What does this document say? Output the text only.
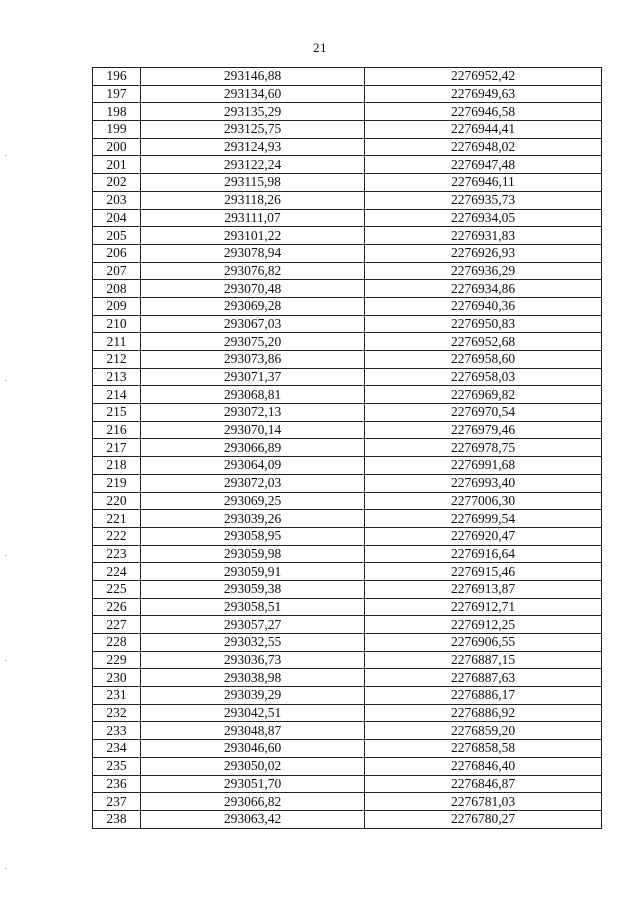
21
196	293146,88	2276952,42
197	293134,60	2276949,63
198	293135,29	2276946,58
199	293125,75	2276944,41
200	293124,93	2276948,02
201	293122,24	2276947,48
202	293115,98	2276946,11
203	293118,26	2276935,73
204	293111,07	2276934,05
205	293101,22	2276931,83
206	293078,94	2276926,93
207	293076,82	2276936,29
208	293070,48	2276934,86
209	293069,28	2276940,36
210	293067,03	2276950,83
211	293075,20	2276952,68
212	293073,86	2276958,60
213	293071,37	2276958,03
214	293068,81	2276969,82
215	293072,13	2276970,54
216	293070,14	2276979,46
217	293066,89	2276978,75
218	293064,09	2276991,68
219	293072,03	2276993,40
220	293069,25	2277006,30
221	293039,26	2276999,54
222	293058,95	2276920,47
223	293059,98	2276916,64
224	293059,91	2276915,46
225	293059,38	2276913,87
226	293058,51	2276912,71
227	293057,27	2276912,25
228	293032,55	2276906,55
229	293036,73	2276887,15
230	293038,98	2276887,63
231	293039,29	2276886,17
232	293042,51	2276886,92
233	293048,87	2276859,20
234	293046,60	2276858,58
235	293050,02	2276846,40
236	293051,70	2276846,87
237	293066,82	2276781,03
238	293063,42	2276780,27
